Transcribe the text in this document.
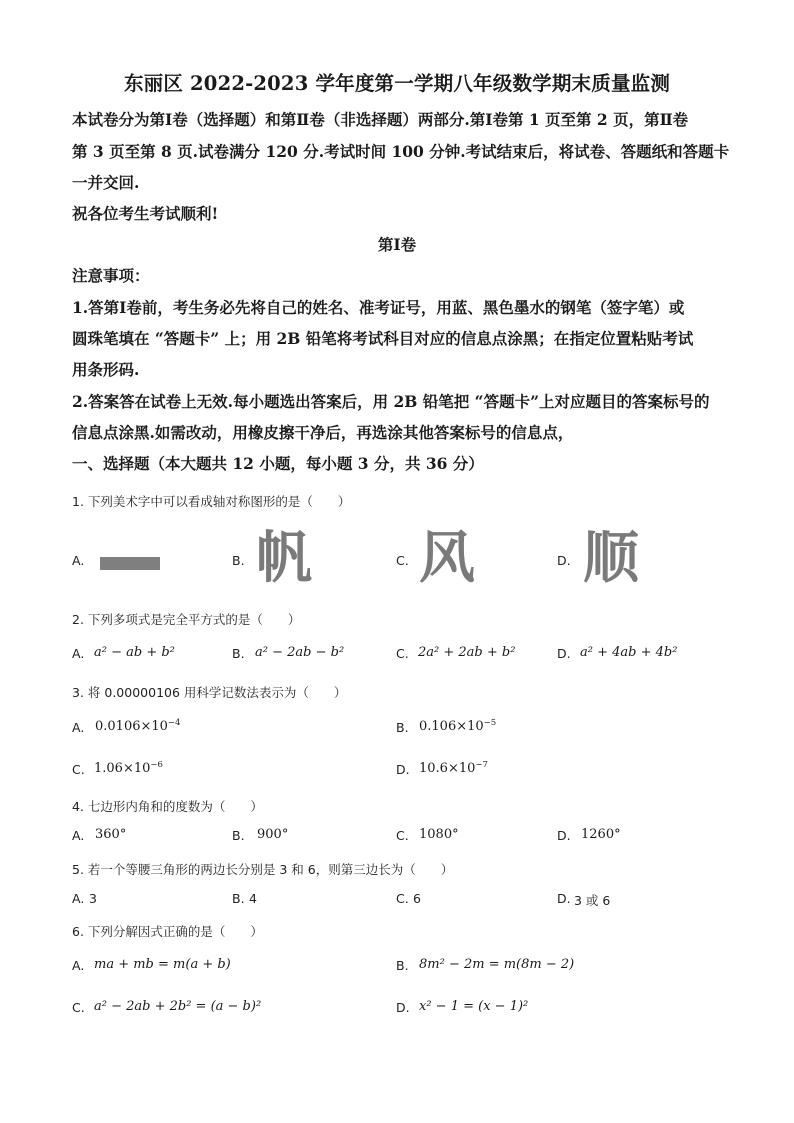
东丽区 2022-2023 学年度第一学期八年级数学期末质量监测
本试卷分为第Ⅰ卷（选择题）和第Ⅱ卷（非选择题）两部分.第Ⅰ卷第 1 页至第 2 页，第Ⅱ卷
第 3 页至第 8 页.试卷满分 120 分.考试时间 100 分钟.考试结束后，将试卷、答题纸和答题卡
一并交回.
祝各位考生考试顺利!
第Ⅰ卷
注意事项：
1.答第Ⅰ卷前，考生务必先将自己的姓名、准考证号，用蓝、黑色墨水的钢笔（签字笔）或
圆珠笔填在 “答题卡” 上；用 2B 铅笔将考试科目对应的信息点涂黑；在指定位置粘贴考试
用条形码.
2.答案答在试卷上无效.每小题选出答案后，用 2B 铅笔把 “答题卡”上对应题目的答案标号的
信息点涂黑.如需改动，用橡皮擦干净后，再选涂其他答案标号的信息点，
一、选择题（本大题共 12 小题，每小题 3 分，共 36 分）
1. 下列美术字中可以看成轴对称图形的是（　　）
A.	B. 帆	C. 风	D. 顺
2. 下列多项式是完全平方式的是（　　）
A. a² − ab + b²	B. a² − 2ab − b²	C. 2a² + 2ab + b²	D. a² + 4ab + 4b²
3. 将 0.00000106 用科学记数法表示为（　　）
A. $0.0106\times 10^{-4}$	B. $0.106\times 10^{-5}$
C. $1.06\times 10^{-6}$	D. $10.6\times 10^{-7}$
4. 七边形内角和的度数为（　　）
A. 360°	B. 900°	C. 1080°	D. 1260°
5. 若一个等腰三角形的两边长分别是 3 和 6，则第三边长为（　　）
A. 3	B. 4	C. 6	D. 3 或 6
6. 下列分解因式正确的是（　　）
A. ma + mb = m(a + b)	B. 8m² − 2m = m(8m − 2)
C. a² − 2ab + 2b² = (a − b)²	D. x² − 1 = (x − 1)²
